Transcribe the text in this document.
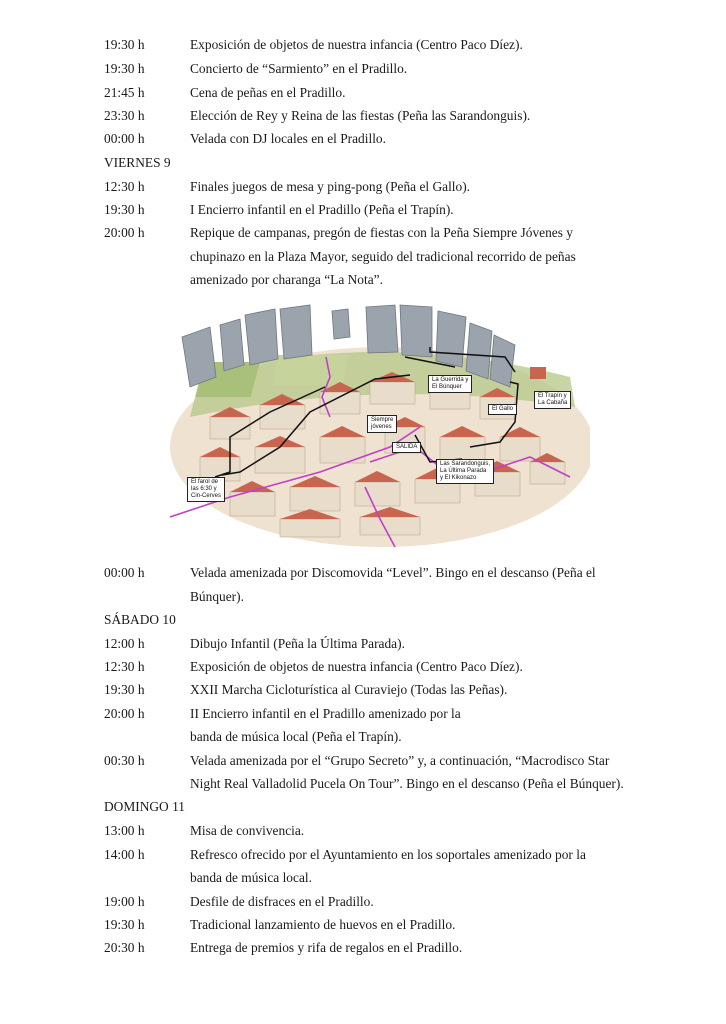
19:30 h	Exposición de objetos de nuestra infancia (Centro Paco Díez).
19:30 h	Concierto de “Sarmiento” en el Pradillo.
21:45 h	Cena de peñas en el Pradillo.
23:30 h	Elección de Rey y Reina de las fiestas (Peña las Sarandonguis).
00:00 h	Velada con DJ locales en el Pradillo.
VIERNES 9
12:30 h	Finales juegos de mesa y ping-pong (Peña el Gallo).
19:30 h	I Encierro infantil en el Pradillo (Peña el Trapín).
20:00 h	Repique de campanas, pregón de fiestas con la Peña Siempre Jóvenes y
chupinazo en la Plaza Mayor, seguido del tradicional recorrido de peñas
amenizado por charanga “La Nota”.
La Guerrida y
El Búnquer
El Trapín y
La Cabaña
El Gallo
Siempre
jóvenes
SALIDA
Las Sarandonguis,
La Última Parada
y El Kikonazo
El farol de
las 6:30 y
Cin-Cerves
00:00 h	Velada amenizada por Discomovida “Level”. Bingo en el descanso (Peña el
Búnquer).
SÁBADO 10
12:00 h	Dibujo Infantil (Peña la Última Parada).
12:30 h	Exposición de objetos de nuestra infancia (Centro Paco Díez).
19:30 h	XXII Marcha Cicloturística al Curaviejo (Todas las Peñas).
20:00 h	II Encierro infantil en el Pradillo amenizado por la
banda de música local (Peña el Trapín).
00:30 h	Velada amenizada por el “Grupo Secreto” y, a continuación, “Macrodisco Star
Night Real Valladolid Pucela On Tour”. Bingo en el descanso (Peña el Búnquer).
DOMINGO 11
13:00 h	Misa de convivencia.
14:00 h	Refresco ofrecido por el Ayuntamiento en los soportales amenizado por la
banda de música local.
19:00 h	Desfile de disfraces en el Pradillo.
19:30 h	Tradicional lanzamiento de huevos en el Pradillo.
20:30 h	Entrega de premios y rifa de regalos en el Pradillo.
